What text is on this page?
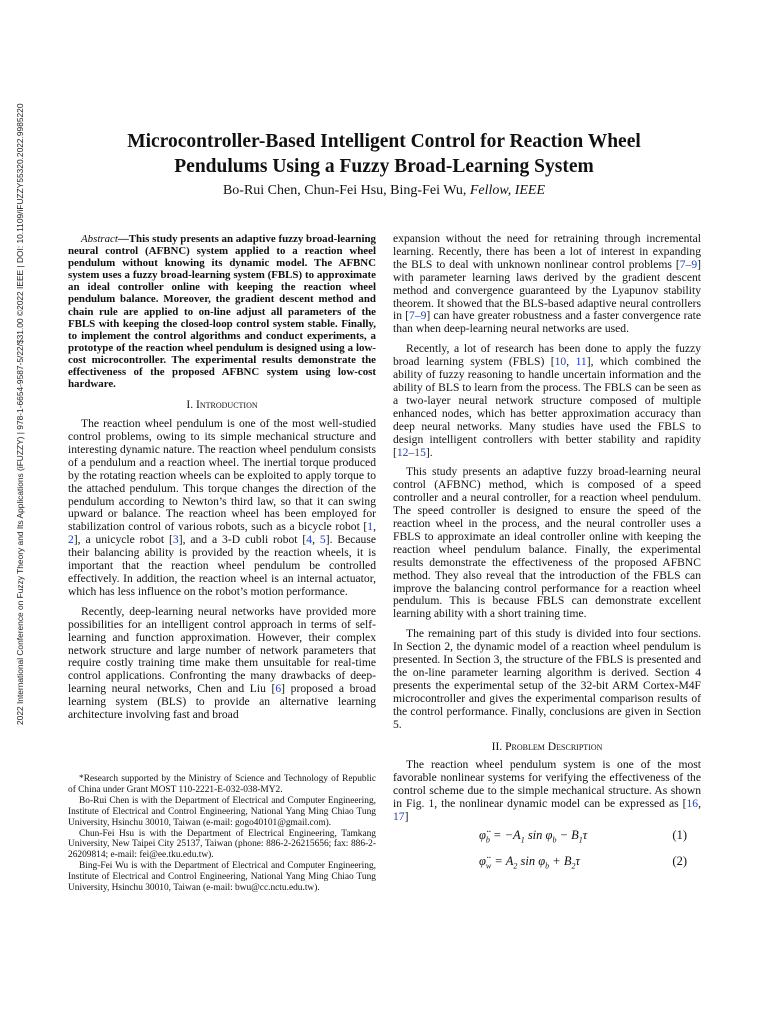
2022 International Conference on Fuzzy Theory and Its Applications (iFUZZY) | 978-1-6654-9587-5/22/$31.00 ©2022 IEEE | DOI: 10.1109/iFUZZY55320.2022.9985220	Microcontroller-Based Intelligent Control for Reaction Wheel Pendulums Using a Fuzzy Broad-Learning System
Bo-Rui Chen, Chun-Fei Hsu, Bing-Fei Wu, Fellow, IEEE

Abstract—This study presents an adaptive fuzzy broad-learning neural control (AFBNC) system applied to a reaction wheel pendulum without knowing its dynamic model. The AFBNC system uses a fuzzy broad-learning system (FBLS) to approximate an ideal controller online with keeping the reaction wheel pendulum balance. Moreover, the gradient descent method and chain rule are applied to on-line adjust all parameters of the FBLS with keeping the closed-loop control system stable. Finally, to implement the control algorithms and conduct experiments, a prototype of the reaction wheel pendulum is designed using a low-cost microcontroller. The experimental results demonstrate the effectiveness of the proposed AFBNC system using low-cost hardware.

I. Introduction

The reaction wheel pendulum is one of the most well-studied control problems, owing to its simple mechanical structure and interesting dynamic nature. The reaction wheel pendulum consists of a pendulum and a reaction wheel. The inertial torque produced by the rotating reaction wheels can be exploited to apply torque to the attached pendulum. This torque changes the direction of the pendulum according to Newton’s third law, so that it can swing upward or balance. The reaction wheel has been employed for stabilization control of various robots, such as a bicycle robot [1, 2], a unicycle robot [3], and a 3-D cubli robot [4, 5]. Because their balancing ability is provided by the reaction wheels, it is important that the reaction wheel pendulum be controlled effectively. In addition, the reaction wheel is an internal actuator, which has less influence on the robot’s motion performance.

Recently, deep-learning neural networks have provided more possibilities for an intelligent control approach in terms of self-learning and function approximation. However, their complex network structure and large number of network parameters that require costly training time make them unsuitable for real-time control applications. Confronting the many drawbacks of deep-learning neural networks, Chen and Liu [6] proposed a broad learning system (BLS) to provide an alternative learning architecture involving fast and broad

*Research supported by the Ministry of Science and Technology of Republic of China under Grant MOST 110-2221-E-032-038-MY2.

Bo-Rui Chen is with the Department of Electrical and Computer Engineering, Institute of Electrical and Control Engineering, National Yang Ming Chiao Tung University, Hsinchu 30010, Taiwan (e-mail: gogo40101@gmail.com).

Chun-Fei Hsu is with the Department of Electrical Engineering, Tamkang University, New Taipei City 25137, Taiwan (phone: 886-2-26215656; fax: 886-2-26209814; e-mail: fei@ee.tku.edu.tw).

Bing-Fei Wu is with the Department of Electrical and Computer Engineering, Institute of Electrical and Control Engineering, National Yang Ming Chiao Tung University, Hsinchu 30010, Taiwan (e-mail: bwu@cc.nctu.edu.tw).

expansion without the need for retraining through incremental learning. Recently, there has been a lot of interest in expanding the BLS to deal with unknown nonlinear control problems [7–9] with parameter learning laws derived by the gradient descent method and convergence guaranteed by the Lyapunov stability theorem. It showed that the BLS-based adaptive neural controllers in [7–9] can have greater robustness and a faster convergence rate than when deep-learning neural networks are used.

Recently, a lot of research has been done to apply the fuzzy broad learning system (FBLS) [10, 11], which combined the ability of fuzzy reasoning to handle uncertain information and the ability of BLS to learn from the process. The FBLS can be seen as a two-layer neural network structure composed of multiple enhanced nodes, which has better approximation accuracy than deep neural networks. Many studies have used the FBLS to design intelligent controllers with better stability and rapidity [12–15].

This study presents an adaptive fuzzy broad-learning neural control (AFBNC) method, which is composed of a speed controller and a neural controller, for a reaction wheel pendulum. The speed controller is designed to ensure the speed of the reaction wheel in the process, and the neural controller uses a FBLS to approximate an ideal controller online with keeping the reaction wheel pendulum balance. Finally, the experimental results demonstrate the effectiveness of the proposed AFBNC method. They also reveal that the introduction of the FBLS can improve the balancing control performance for a reaction wheel pendulum. This is because FBLS can demonstrate excellent learning ability with a short training time.

The remaining part of this study is divided into four sections. In Section 2, the dynamic model of a reaction wheel pendulum is presented. In Section 3, the structure of the FBLS is presented and the on-line parameter learning algorithm is derived. Section 4 presents the experimental setup of the 32-bit ARM Cortex-M4F microcontroller and gives the experimental comparison results of the control performance. Finally, conclusions are given in Section 5.

II. Problem Description

The reaction wheel pendulum system is one of the most favorable nonlinear systems for verifying the effectiveness of the control scheme due to the simple mechanical structure. As shown in Fig. 1, the nonlinear dynamic model can be expressed as [16, 17]

$\varphï_b = -A_1$ $\sin \varphi_b - B_1\tau$	(1)
$\varphï_w = A_2$ $\sin \varphi_b + B_2\tau$	(2)
